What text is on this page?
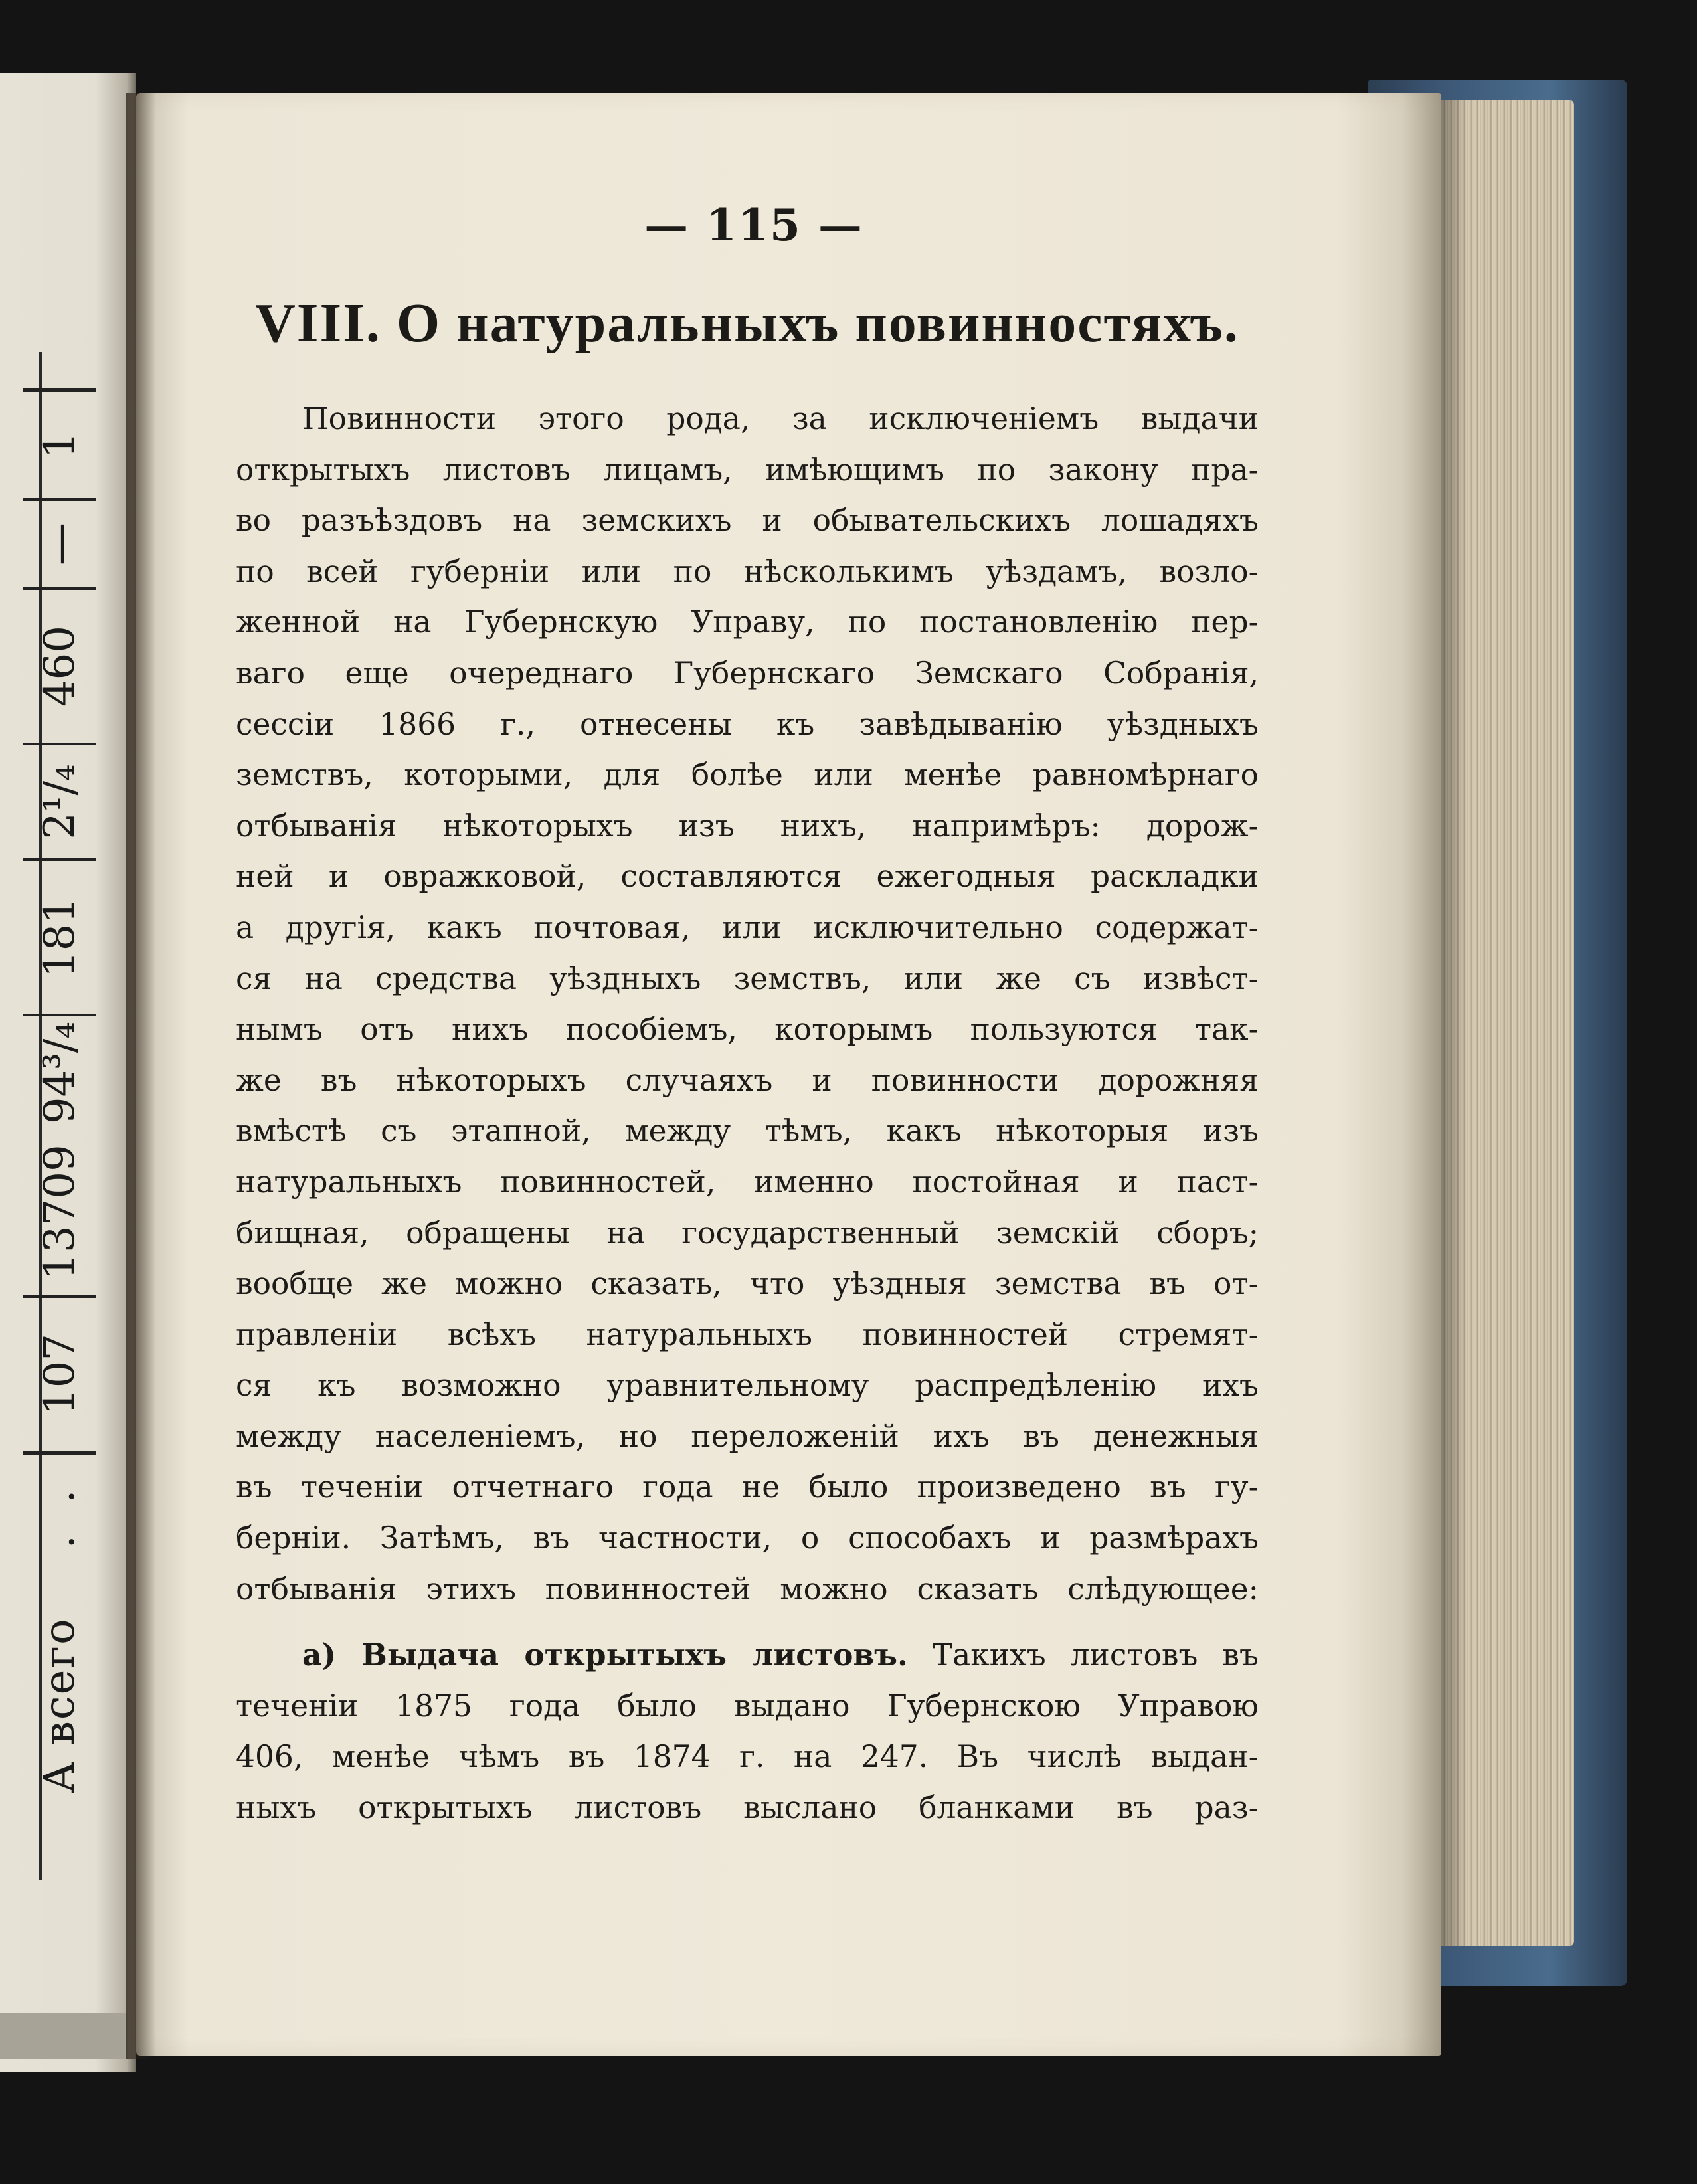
А всего
. .
107
13709
94³/₄
181
2¹/₄
460
—
1
— 115 —
VIII. О натуральныхъ повинностяхъ.
Повинности этого рода, за исключеніемъ выдачи
открытыхъ листовъ лицамъ, имѣющимъ по закону пра-
во разъѣздовъ на земскихъ и обывательскихъ лошадяхъ
по всей губерніи или по нѣсколькимъ уѣздамъ, возло-
женной на Губернскую Управу, по постановленію пер-
ваго еще очереднаго Губернскаго Земскаго Собранія,
сессіи 1866 г., отнесены къ завѣдыванію уѣздныхъ
земствъ, которыми, для болѣе или менѣе равномѣрнаго
отбыванія нѣкоторыхъ изъ нихъ, напримѣръ: дорож-
ней и овражковой, составляются ежегодныя раскладки
а другія, какъ почтовая, или исключительно содержат-
ся на средства уѣздныхъ земствъ, или же съ извѣст-
нымъ отъ нихъ пособіемъ, которымъ пользуются так-
же въ нѣкоторыхъ случаяхъ и повинности дорожняя
вмѣстѣ съ этапной, между тѣмъ, какъ нѣкоторыя изъ
натуральныхъ повинностей, именно постойная и паст-
бищная, обращены на государственный земскій сборъ;
вообще же можно сказать, что уѣздныя земства въ от-
правленіи всѣхъ натуральныхъ повинностей стремят-
ся къ возможно уравнительному распредѣленію ихъ
между населеніемъ, но переложеній ихъ въ денежныя
въ теченіи отчетнаго года не было произведено въ гу-
берніи. Затѣмъ, въ частности, о способахъ и размѣрахъ
отбыванія этихъ повинностей можно сказать слѣдующее:
а) Выдача открытыхъ листовъ. Такихъ листовъ въ
теченіи 1875 года было выдано Губернскою Управою
406, менѣе чѣмъ въ 1874 г. на 247. Въ числѣ выдан-
ныхъ открытыхъ листовъ выслано бланками въ раз-
